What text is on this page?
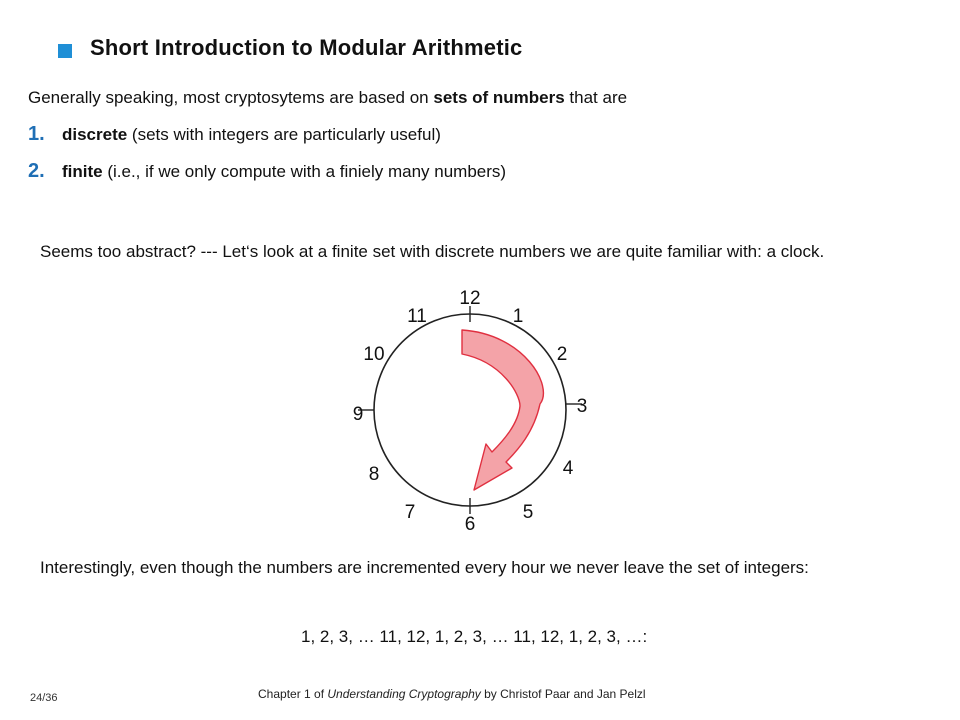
Short Introduction to Modular Arithmetic
Generally speaking, most cryptosytems are based on sets of numbers that are
1. discrete (sets with integers are particularly useful)
2. finite (i.e., if we only compute with a finiely many numbers)
Seems too abstract? --- Let‘s look at a finite set with discrete numbers we are quite familiar with: a clock.
12
1
2
3
4
5
6
7
8
9
10
11
Interestingly, even though the numbers are incremented every hour we never leave the set of integers:
1, 2, 3, … 11, 12, 1, 2, 3, … 11, 12, 1, 2, 3, …:
24/36	Chapter 1 of Understanding Cryptography by Christof Paar and Jan Pelzl
